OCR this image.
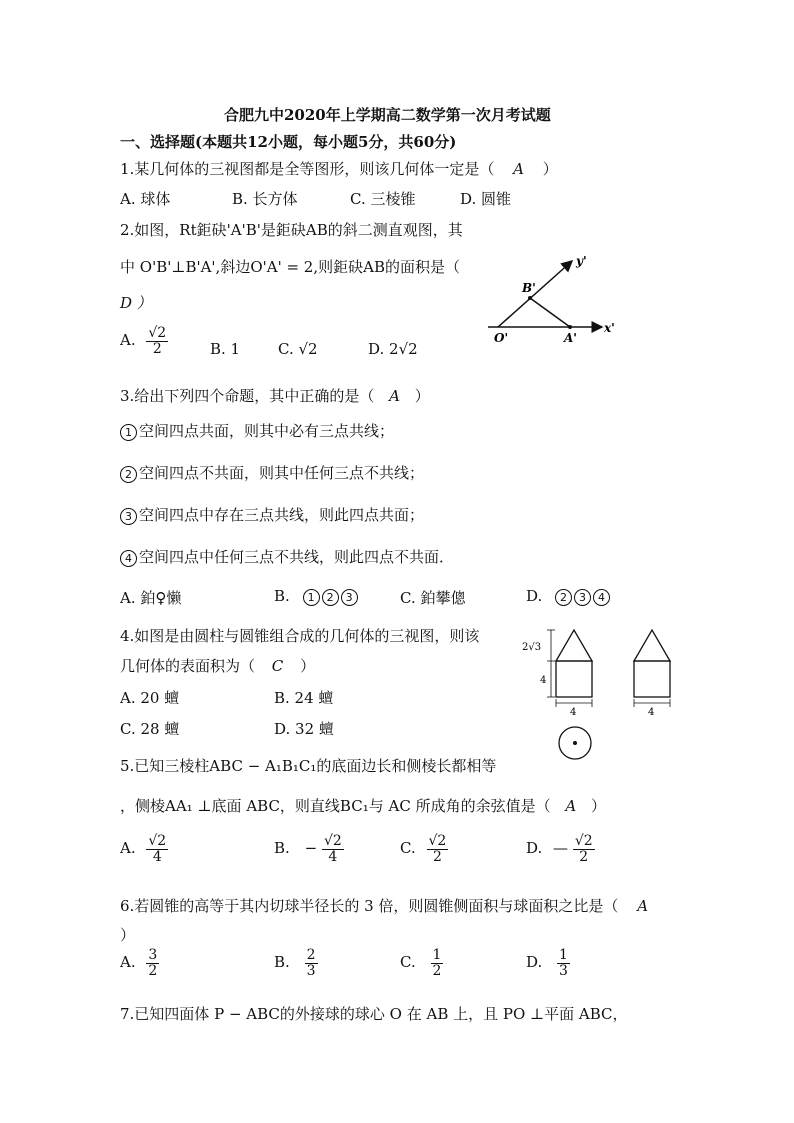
合肥九中2020年上学期高二数学第一次月考试题
一、选择题(本题共12小题，每小题5分，共60分)
1.某几何体的三视图都是全等图形，则该几何体一定是（ A ）
A. 球体	B. 长方体	C. 三棱锥	D. 圆锥
2.如图，Rt鉅砄'A'B'是鉅砄AB的斜二测直观图，其
中 O'B'⊥B'A',斜边O'A' = 2,则鉅砄AB的面积是（
D ）
A. $\frac{√2}{2}$	B. 1	C. √2	D. 2√2
y'
x'
B'
O'	A'
3.给出下列四个命题，其中正确的是（ A ）
1 空间四点共面，则其中必有三点共线；
2 空间四点不共面，则其中任何三点不共线；
3 空间四点中存在三点共线，则此四点共面；
4 空间四点中任何三点不共线，则此四点不共面．
A. 鉑♀懒	B. 1 2 3	C. 鉑攀傯	D. 2 3 4
4.如图是由圆柱与圆锥组合成的几何体的三视图，则该
几何体的表面积为（ C ）
A. 20 蟺	B. 24 蟺
C. 28 蟺	D. 32 蟺
2√3
4
4	4
5.已知三棱柱ABC − A₁B₁C₁的底面边长和侧棱长都相等
，侧棱AA₁ ⊥底面 ABC，则直线BC₁与 AC 所成角的余弦值是（ A ）
A. $\frac{√2}{4}$	B. − $\frac{√2}{4}$	C. $\frac{√2}{2}$	D. — $\frac{√2}{2}$
6.若圆锥的高等于其内切球半径长的 3 倍，则圆锥侧面积与球面积之比是（ A
）
A. $\frac{3}{2}$	B. $\frac{2}{3}$	C. $\frac{1}{2}$	D. $\frac{1}{3}$
7.已知四面体 P − ABC的外接球的球心 O 在 AB 上，且 PO ⊥平面 ABC，
